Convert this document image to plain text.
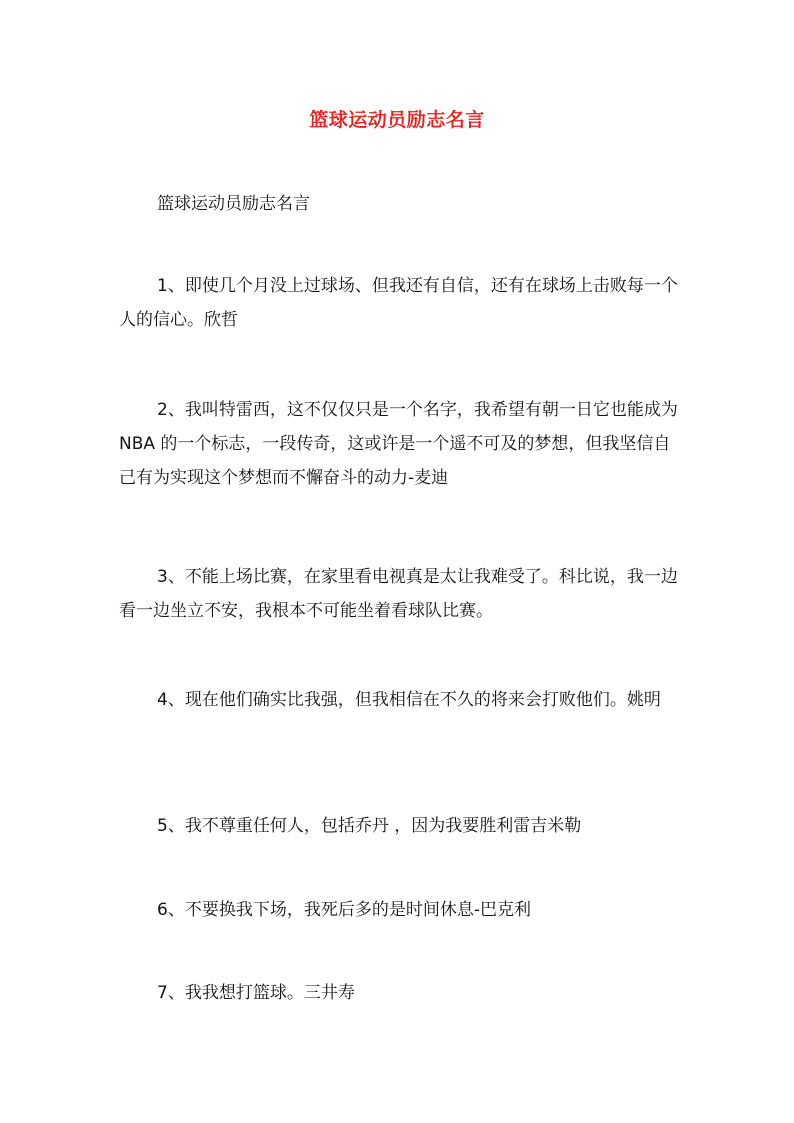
篮球运动员励志名言
篮球运动员励志名言
1、即使几个月没上过球场、但我还有自信，还有在球场上击败每一个人的信心。欣哲
2、我叫特雷西，这不仅仅只是一个名字，我希望有朝一日它也能成为 NBA 的一个标志，一段传奇，这或许是一个遥不可及的梦想，但我坚信自己有为实现这个梦想而不懈奋斗的动力-麦迪
3、不能上场比赛，在家里看电视真是太让我难受了。科比说，我一边看一边坐立不安，我根本不可能坐着看球队比赛。
4、现在他们确实比我强，但我相信在不久的将来会打败他们。姚明
5、我不尊重任何人，包括乔丹 ，因为我要胜利雷吉米勒
6、不要换我下场，我死后多的是时间休息-巴克利
7、我我想打篮球。三井寿
